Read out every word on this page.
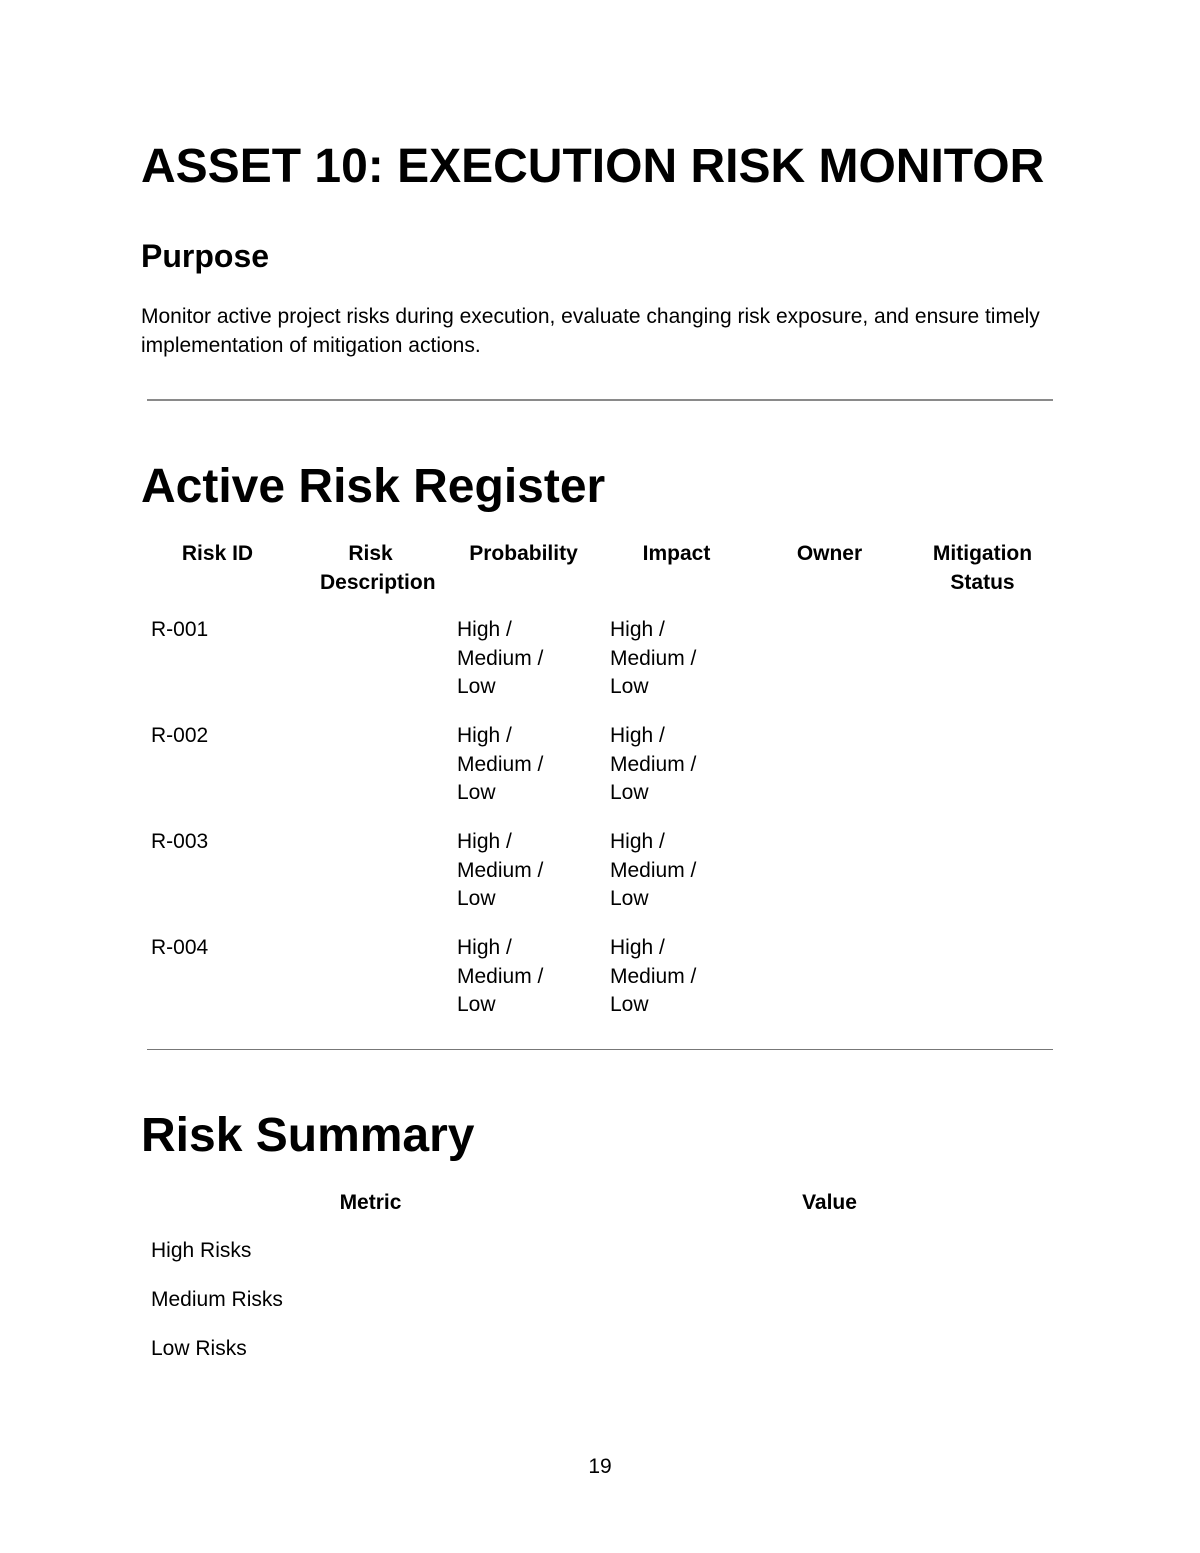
ASSET 10: EXECUTION RISK MONITOR
Purpose

Monitor active project risks during execution, evaluate changing risk exposure, and ensure timely implementation of mitigation actions.

Active Risk Register
Risk ID	Risk Description	Probability	Impact	Owner	Mitigation Status
R-001		High / Medium / Low	High / Medium / Low		
R-002		High / Medium / Low	High / Medium / Low		
R-003		High / Medium / Low	High / Medium / Low		
R-004		High / Medium / Low	High / Medium / Low		
Risk Summary
Metric	Value
High Risks	
Medium Risks	
Low Risks	
19
